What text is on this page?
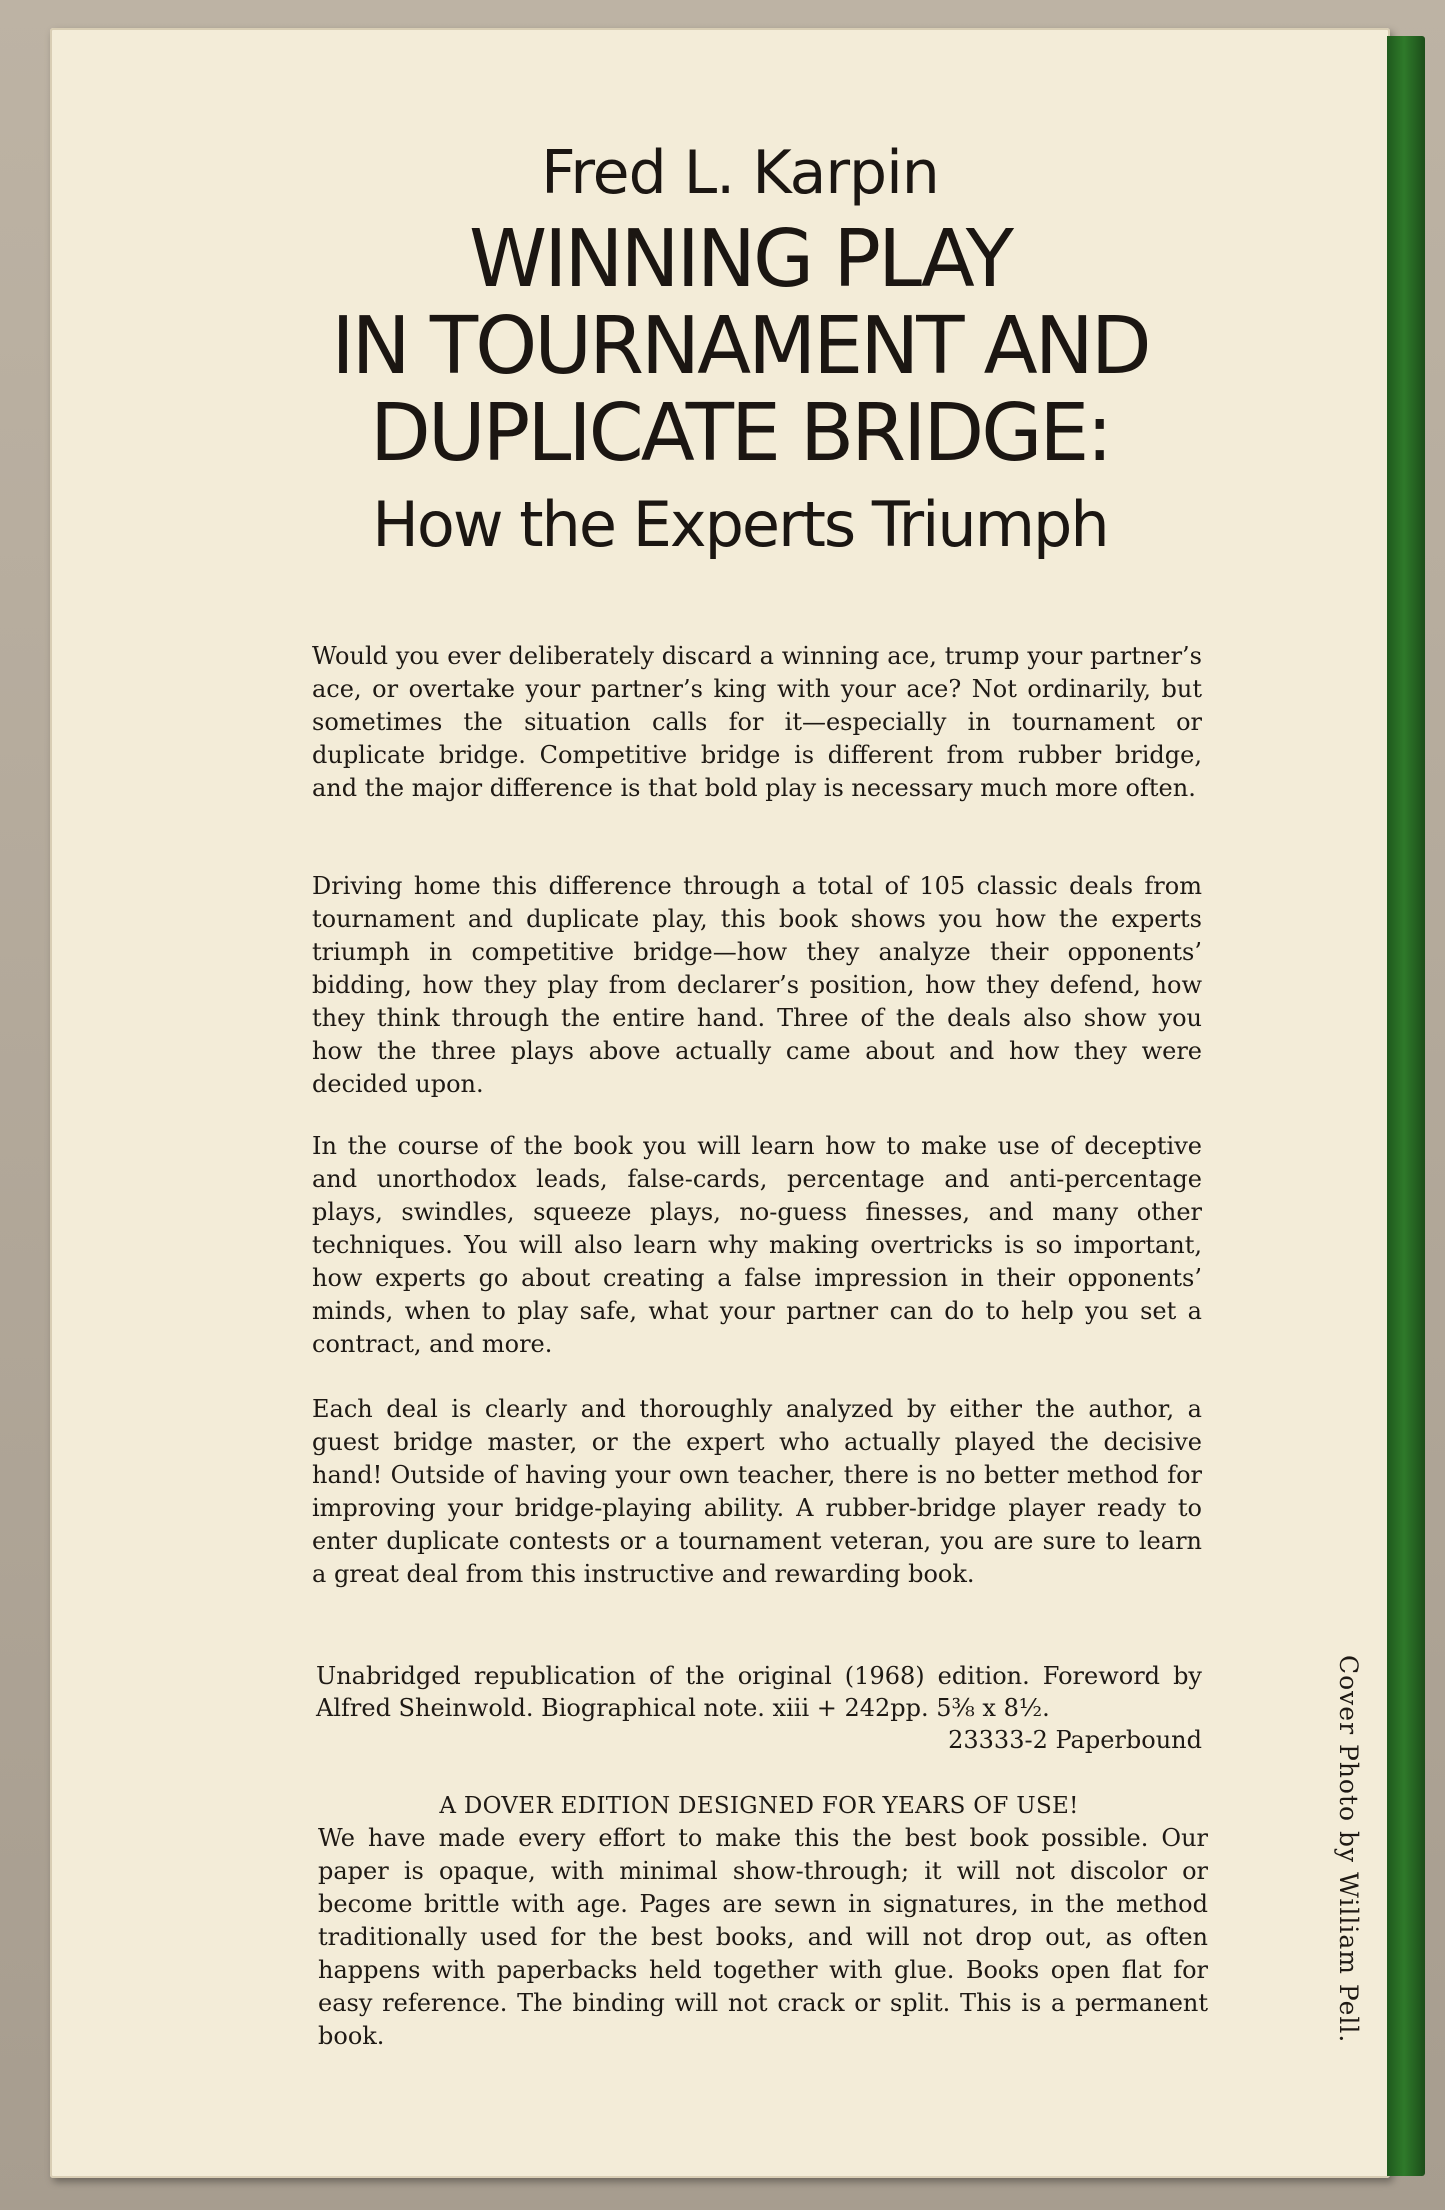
Fred L. Karpin

WINNING PLAY
IN TOURNAMENT AND
DUPLICATE BRIDGE:

How the Experts Triumph

Would you ever deliberately discard a winning ace, trump your partner’s ace, or overtake your partner’s king with your ace? Not ordinarily, but sometimes the situation calls for it—especially in tournament or duplicate bridge. Competitive bridge is different from rubber bridge, and the major difference is that bold play is necessary much more often.

Driving home this difference through a total of 105 classic deals from tournament and duplicate play, this book shows you how the experts triumph in competitive bridge—how they analyze their opponents’ bidding, how they play from declarer’s position, how they defend, how they think through the entire hand. Three of the deals also show you how the three plays above actually came about and how they were decided upon.

In the course of the book you will learn how to make use of deceptive and unorthodox leads, false-cards, percentage and anti-percentage plays, swindles, squeeze plays, no-guess finesses, and many other techniques. You will also learn why making overtricks is so important, how experts go about creating a false impression in their opponents’ minds, when to play safe, what your partner can do to help you set a contract, and more.

Each deal is clearly and thoroughly analyzed by either the author, a guest bridge master, or the expert who actually played the decisive hand! Outside of having your own teacher, there is no better method for improving your bridge-playing ability. A rubber-bridge player ready to enter duplicate contests or a tournament veteran, you are sure to learn a great deal from this instructive and rewarding book.

Unabridged republication of the original (1968) edition. Foreword by Alfred Sheinwold. Biographical note. xiii + 242pp. 5⅜ x 8½.

23333-2 Paperbound

A DOVER EDITION DESIGNED FOR YEARS OF USE!

We have made every effort to make this the best book possible. Our paper is opaque, with minimal show-through; it will not discolor or become brittle with age. Pages are sewn in signatures, in the method traditionally used for the best books, and will not drop out, as often happens with paperbacks held together with glue. Books open flat for easy reference. The binding will not crack or split. This is a permanent book.	Cover Photo by William Pell.
